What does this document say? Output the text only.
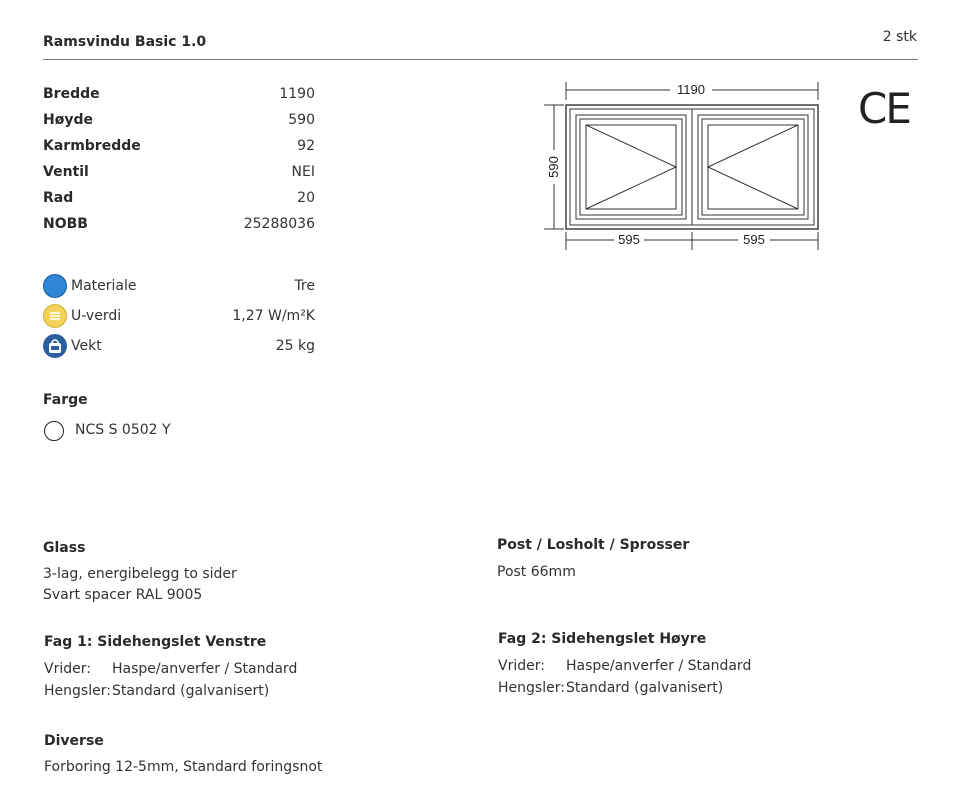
Ramsvindu Basic 1.0	2 stk
Bredde	1190
Høyde	590
Karmbredde	92
Ventil	NEI
Rad	20
NOBB	25288036
Materiale	Tre
U-verdi	1,27 W/m²K
Vekt	25 kg
Farge
NCS S 0502 Y
1190
595	595
590
CE
Glass
3-lag, energibelegg to sider
Svart spacer RAL 9005
Post / Losholt / Sprosser
Post 66mm
Fag 1: Sidehengslet Venstre
Vrider: Haspe/anverfer / Standard
Hengsler:Standard (galvanisert)
Fag 2: Sidehengslet Høyre
Vrider: Haspe/anverfer / Standard
Hengsler:Standard (galvanisert)
Diverse
Forboring 12-5mm, Standard foringsnot
